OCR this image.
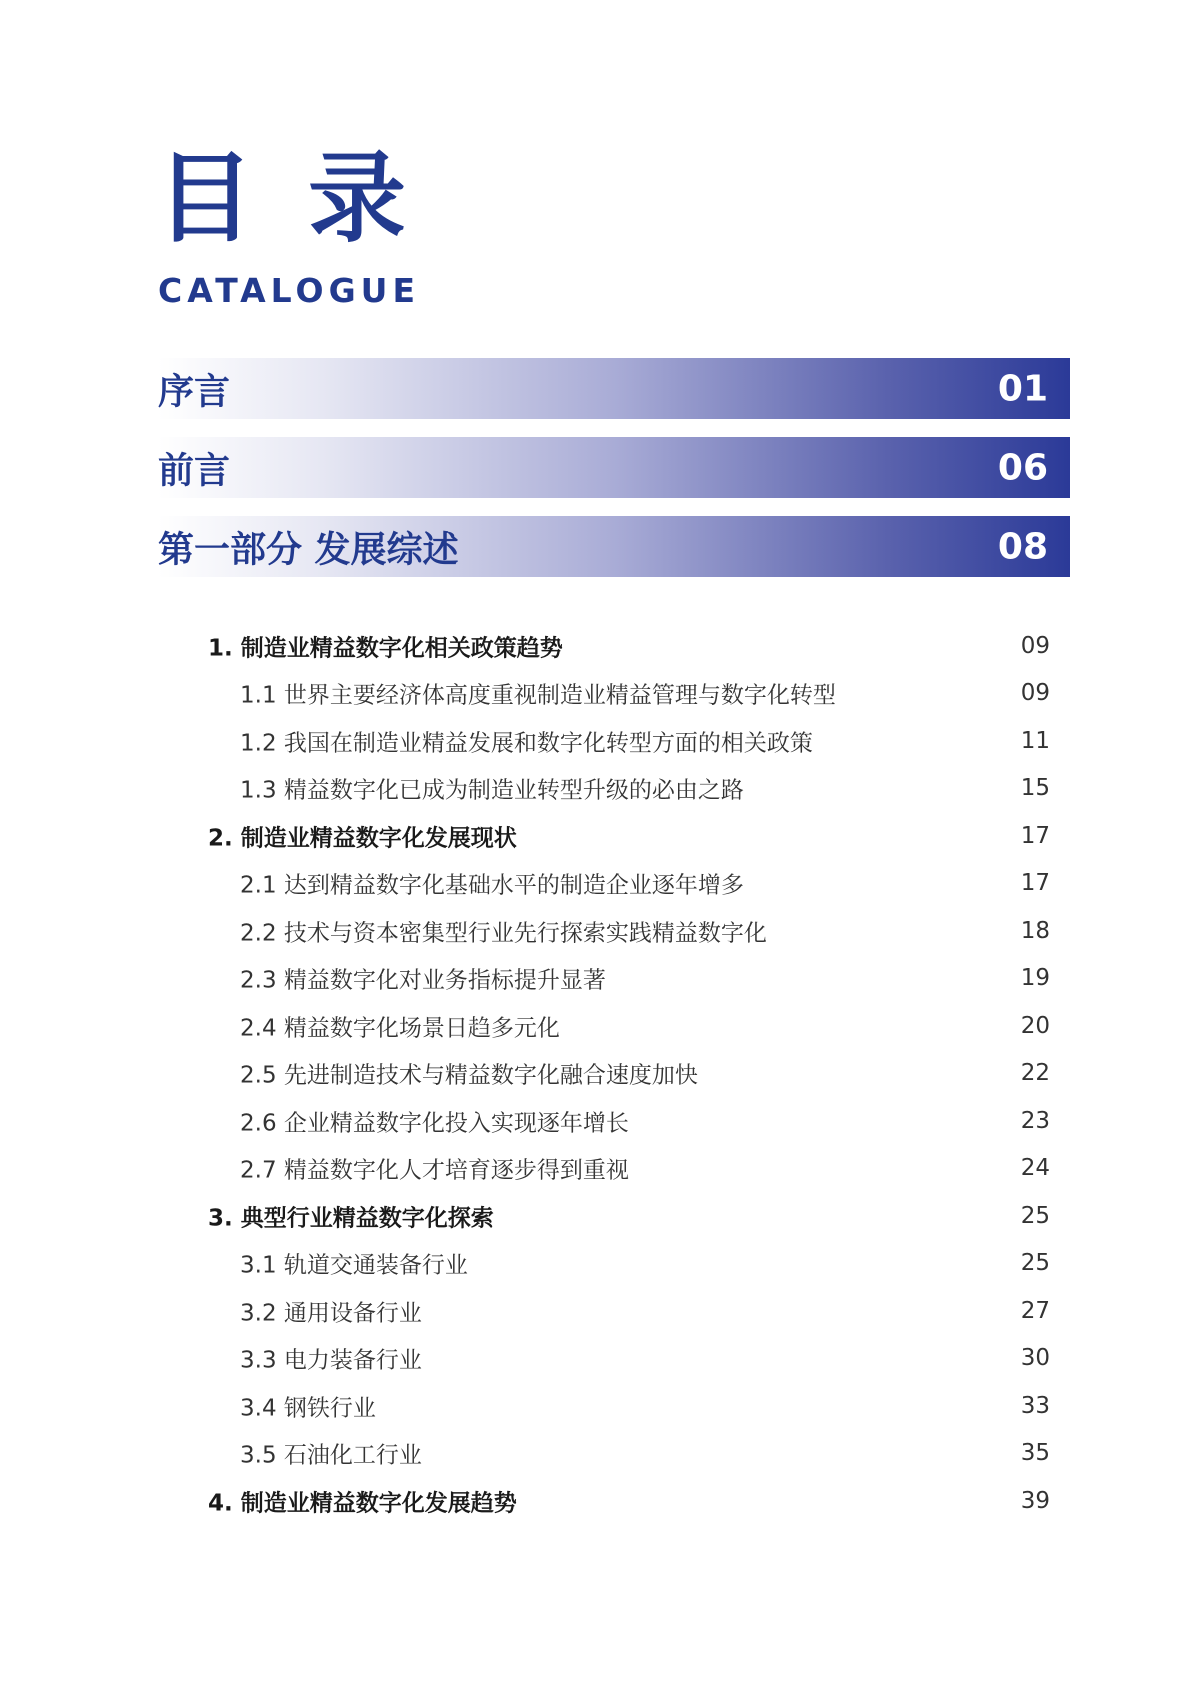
目录
CATALOGUE
序言	01
前言	06
第一部分 发展综述	08
1. 制造业精益数字化相关政策趋势	09
1.1 世界主要经济体高度重视制造业精益管理与数字化转型	09
1.2 我国在制造业精益发展和数字化转型方面的相关政策	11
1.3 精益数字化已成为制造业转型升级的必由之路	15
2. 制造业精益数字化发展现状	17
2.1 达到精益数字化基础水平的制造企业逐年增多	17
2.2 技术与资本密集型行业先行探索实践精益数字化	18
2.3 精益数字化对业务指标提升显著	19
2.4 精益数字化场景日趋多元化	20
2.5 先进制造技术与精益数字化融合速度加快	22
2.6 企业精益数字化投入实现逐年增长	23
2.7 精益数字化人才培育逐步得到重视	24
3. 典型行业精益数字化探索	25
3.1 轨道交通装备行业	25
3.2 通用设备行业	27
3.3 电力装备行业	30
3.4 钢铁行业	33
3.5 石油化工行业	35
4. 制造业精益数字化发展趋势	39
